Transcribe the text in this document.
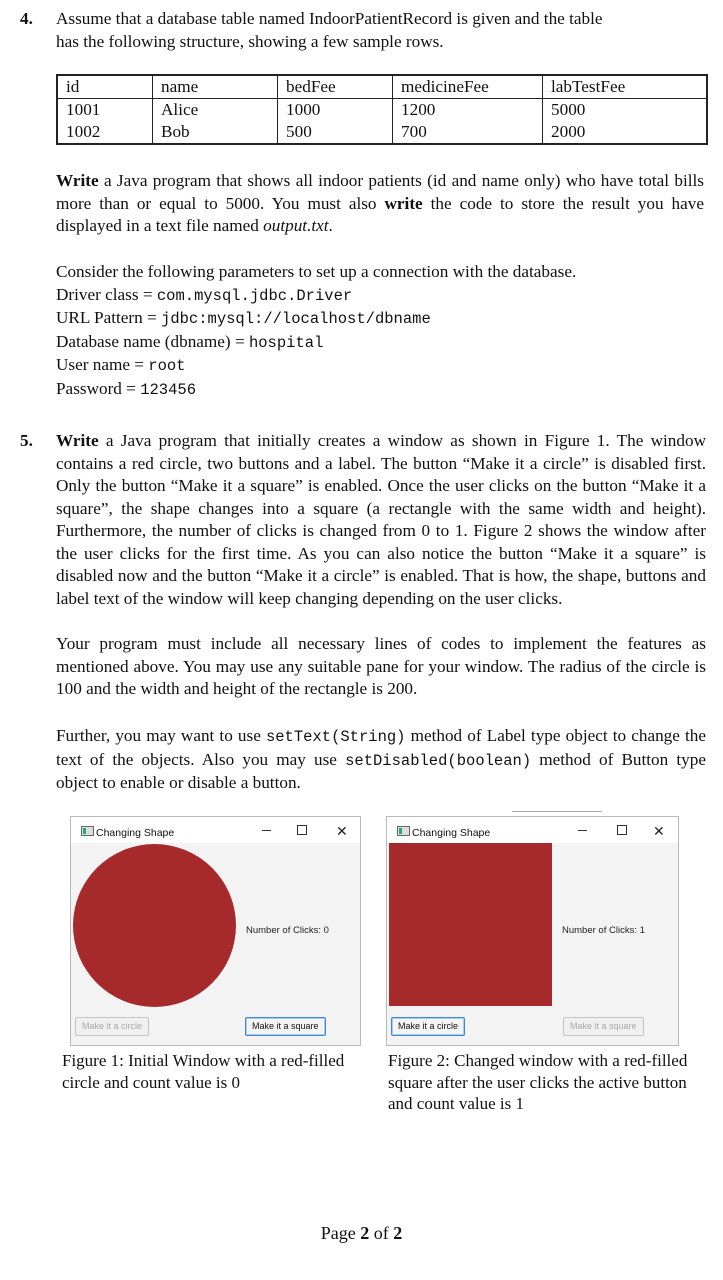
4. Assume that a database table named IndoorPatientRecord is given and the table
has the following structure, showing a few sample rows.
id	name	bedFee	medicineFee	labTestFee
1001	Alice	1000	1200	5000
1002	Bob	500	700	2000
Write a Java program that shows all indoor patients (id and name only) who have total bills more than or equal to 5000. You must also write the code to store the result you have displayed in a text file named output.txt.
Consider the following parameters to set up a connection with the database.
Driver class = com.mysql.jdbc.Driver
URL Pattern = jdbc:mysql://localhost/dbname
Database name (dbname) = hospital
User name = root
Password = 123456
5. Write a Java program that initially creates a window as shown in Figure 1. The window contains a red circle, two buttons and a label. The button “Make it a circle” is disabled first. Only the button “Make it a square” is enabled. Once the user clicks on the button “Make it a square”, the shape changes into a square (a rectangle with the same width and height). Furthermore, the number of clicks is changed from 0 to 1. Figure 2 shows the window after the user clicks for the first time. As you can also notice the button “Make it a square” is disabled now and the button “Make it a circle” is enabled. That is how, the shape, buttons and label text of the window will keep changing depending on the user clicks.
Your program must include all necessary lines of codes to implement the features as mentioned above. You may use any suitable pane for your window. The radius of the circle is 100 and the width and height of the rectangle is 200.
Further, you may want to use setText(String) method of Label type object to change the text of the objects. Also you may use setDisabled(boolean) method of Button type object to enable or disable a button.
Changing Shape	✕
Number of Clicks: 0
Make it a circle	Make it a square
Changing Shape	✕
Number of Clicks: 1
Make it a circle	Make it a square
Figure 1: Initial Window with a red-filled circle and count value is 0
Figure 2: Changed window with a red-filled square after the user clicks the active button and count value is 1
Page 2 of 2
